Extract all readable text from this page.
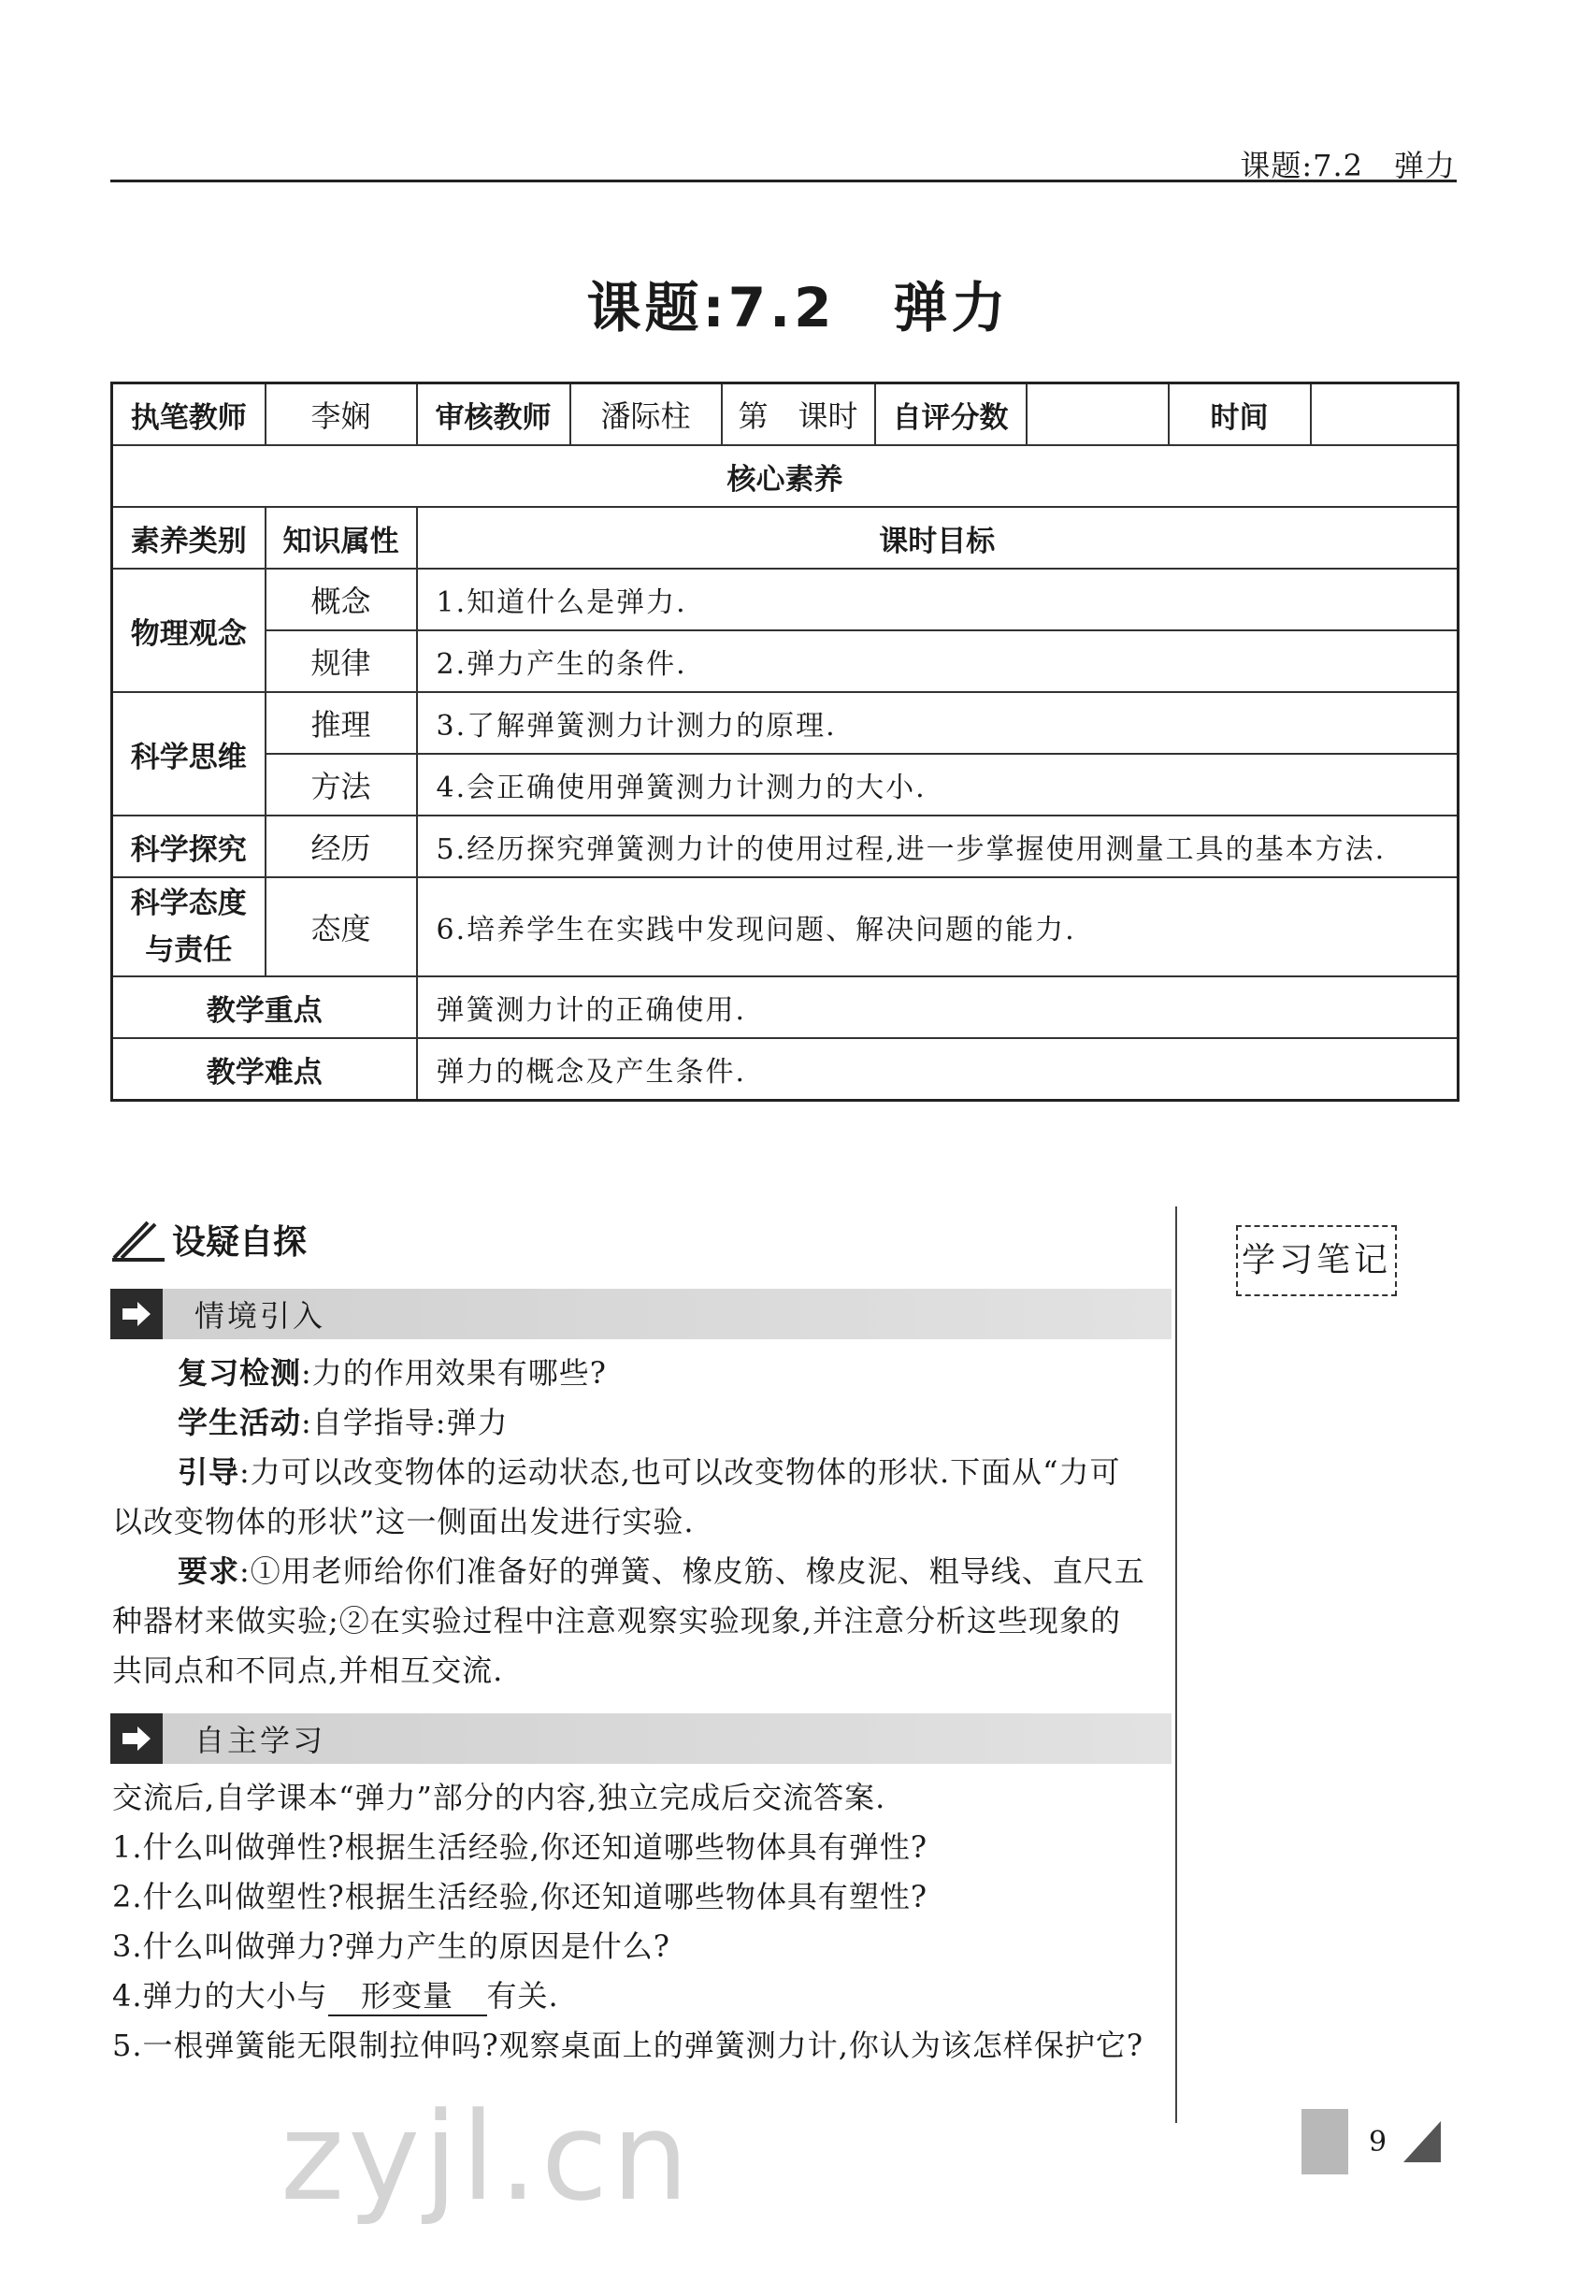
课题:7.2　弹力
课题:7.2　弹力
执笔教师	李娴	审核教师	潘际柱	第　课时	自评分数		时间	
核心素养								
素养类别	知识属性	课时目标						
物理观念	概念	1.知道什么是弹力.						
	规律	2.弹力产生的条件.						
科学思维	推理	3.了解弹簧测力计测力的原理.						
	方法	4.会正确使用弹簧测力计测力的大小.						
科学探究	经历	5.经历探究弹簧测力计的使用过程,进一步掌握使用测量工具的基本方法.						
科学态度与责任	态度	6.培养学生在实践中发现问题、解决问题的能力.						
教学重点		弹簧测力计的正确使用.						
教学难点		弹力的概念及产生条件.						
设疑自探	学习笔记
情境引入

复习检测:力的作用效果有哪些?

学生活动:自学指导:弹力

引导:力可以改变物体的运动状态,也可以改变物体的形状.下面从“力可以改变物体的形状”这一侧面出发进行实验.

要求:①用老师给你们准备好的弹簧、橡皮筋、橡皮泥、粗导线、直尺五种器材来做实验;②在实验过程中注意观察实验现象,并注意分析这些现象的共同点和不同点,并相互交流.

自主学习

交流后,自学课本“弹力”部分的内容,独立完成后交流答案.

1.什么叫做弹性?根据生活经验,你还知道哪些物体具有弹性?

2.什么叫做塑性?根据生活经验,你还知道哪些物体具有塑性?

3.什么叫做弹力?弹力产生的原因是什么?

4.弹力的大小与 形变量 有关.

5.一根弹簧能无限制拉伸吗?观察桌面上的弹簧测力计,你认为该怎样保护它?

zyjl.cn	9
